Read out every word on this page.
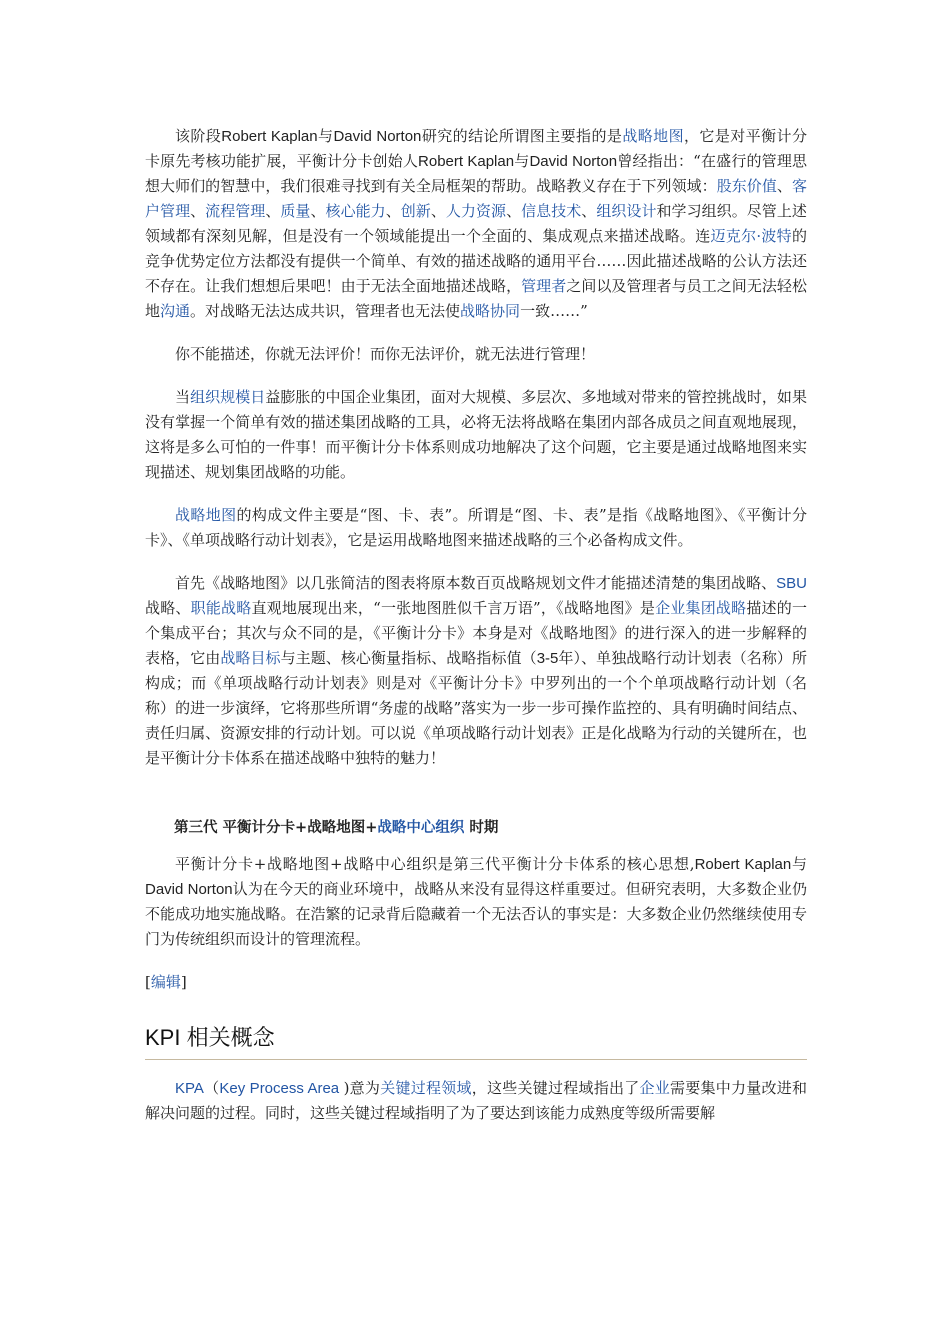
该阶段Robert Kaplan与David Norton研究的结论所谓图主要指的是战略地图，它是对平衡计分卡原先考核功能扩展，平衡计分卡创始人Robert Kaplan与David Norton曾经指出：“在盛行的管理思想大师们的智慧中，我们很难寻找到有关全局框架的帮助。战略教义存在于下列领域：股东价值、客户管理、流程管理、质量、核心能力、创新、人力资源、信息技术、组织设计和学习组织。尽管上述领域都有深刻见解，但是没有一个领域能提出一个全面的、集成观点来描述战略。连迈克尔·波特的竞争优势定位方法都没有提供一个简单、有效的描述战略的通用平台……因此描述战略的公认方法还不存在。让我们想想后果吧！由于无法全面地描述战略，管理者之间以及管理者与员工之间无法轻松地沟通。对战略无法达成共识，管理者也无法使战略协同一致……”

你不能描述，你就无法评价！而你无法评价，就无法进行管理！

当组织规模日益膨胀的中国企业集团，面对大规模、多层次、多地域对带来的管控挑战时，如果没有掌握一个简单有效的描述集团战略的工具，必将无法将战略在集团内部各成员之间直观地展现，这将是多么可怕的一件事！而平衡计分卡体系则成功地解决了这个问题，它主要是通过战略地图来实现描述、规划集团战略的功能。

战略地图的构成文件主要是“图、卡、表”。所谓是“图、卡、表”是指《战略地图》、《平衡计分卡》、《单项战略行动计划表》，它是运用战略地图来描述战略的三个必备构成文件。

首先《战略地图》以几张简洁的图表将原本数百页战略规划文件才能描述清楚的集团战略、SBU战略、职能战略直观地展现出来，“一张地图胜似千言万语”，《战略地图》是企业集团战略描述的一个集成平台；其次与众不同的是，《平衡计分卡》本身是对《战略地图》的进行深入的进一步解释的表格，它由战略目标与主题、核心衡量指标、战略指标值（3-5年）、单独战略行动计划表（名称）所构成；而《单项战略行动计划表》则是对《平衡计分卡》中罗列出的一个个单项战略行动计划（名称）的进一步演绎，它将那些所谓“务虚的战略”落实为一步一步可操作监控的、具有明确时间结点、责任归属、资源安排的行动计划。可以说《单项战略行动计划表》正是化战略为行动的关键所在，也是平衡计分卡体系在描述战略中独特的魅力！

第三代 平衡计分卡+战略地图+战略中心组织 时期

平衡计分卡+战略地图+战略中心组织是第三代平衡计分卡体系的核心思想,Robert Kaplan与David Norton认为在今天的商业环境中，战略从来没有显得这样重要过。但研究表明，大多数企业仍不能成功地实施战略。在浩繁的记录背后隐藏着一个无法否认的事实是：大多数企业仍然继续使用专门为传统组织而设计的管理流程。

[编辑]

KPI 相关概念

KPA（Key Process Area )意为关键过程领域，这些关键过程域指出了企业需要集中力量改进和解决问题的过程。同时，这些关键过程域指明了为了要达到该能力成熟度等级所需要解
